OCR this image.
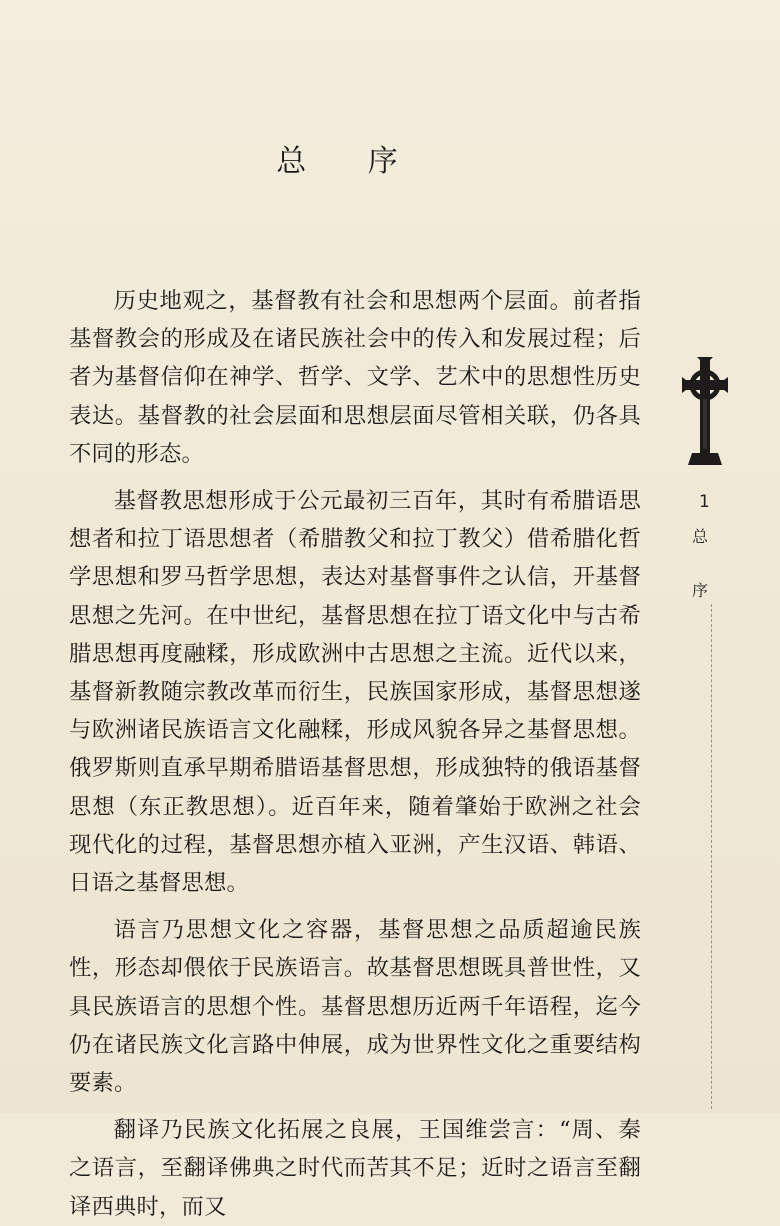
总 序

历史地观之，基督教有社会和思想两个层面。前者指基督教会的形成及在诸民族社会中的传入和发展过程；后者为基督信仰在神学、哲学、文学、艺术中的思想性历史表达。基督教的社会层面和思想层面尽管相关联，仍各具不同的形态。

基督教思想形成于公元最初三百年，其时有希腊语思想者和拉丁语思想者（希腊教父和拉丁教父）借希腊化哲学思想和罗马哲学思想，表达对基督事件之认信，开基督思想之先河。在中世纪，基督思想在拉丁语文化中与古希腊思想再度融糅，形成欧洲中古思想之主流。近代以来，基督新教随宗教改革而衍生，民族国家形成，基督思想遂与欧洲诸民族语言文化融糅，形成风貌各异之基督思想。俄罗斯则直承早期希腊语基督思想，形成独特的俄语基督思想（东正教思想）。近百年来，随着肇始于欧洲之社会现代化的过程，基督思想亦植入亚洲，产生汉语、韩语、日语之基督思想。

语言乃思想文化之容器，基督思想之品质超逾民族性，形态却偎依于民族语言。故基督思想既具普世性，又具民族语言的思想个性。基督思想历近两千年语程，迄今仍在诸民族文化言路中伸展，成为世界性文化之重要结构要素。

翻译乃民族文化拓展之良展，王国维尝言：“周、秦之语言，至翻译佛典之时代而苦其不足；近时之语言至翻译西典时，而又

1
总
序
